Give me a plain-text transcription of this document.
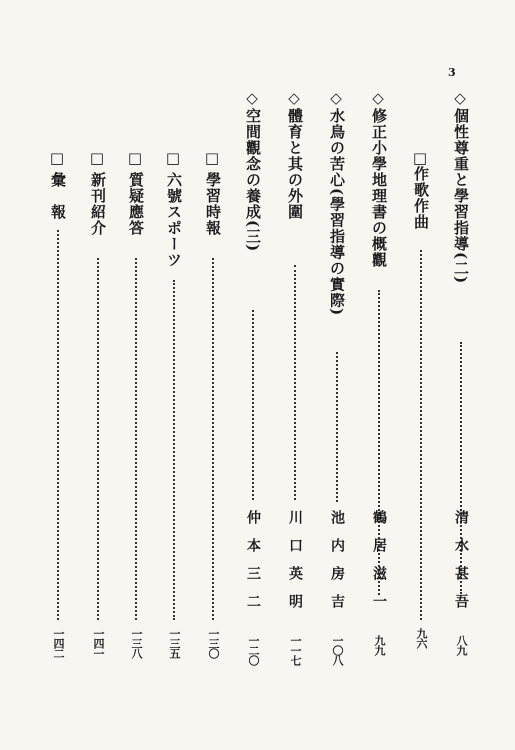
3
◇
個性尊重と學習指導(二)
清　水　甚　吾
八九
□
作歌作曲
九六
◇
修正小學地理書の概觀
鶴　居　滋　一
九九
◇
水鳥の苦心(學習指導の實際)
池　内　房　吉
一〇八
◇
體育と其の外圍
川　口　英　明
一一七
◇
空間觀念の養成(三)
仲　本　三　二
一二〇
□
學習時報
一三〇
□
六號スポーツ
一三五
□
質疑應答
一三八
□
新刊紹介
一四一
□
彙　報
一四二
